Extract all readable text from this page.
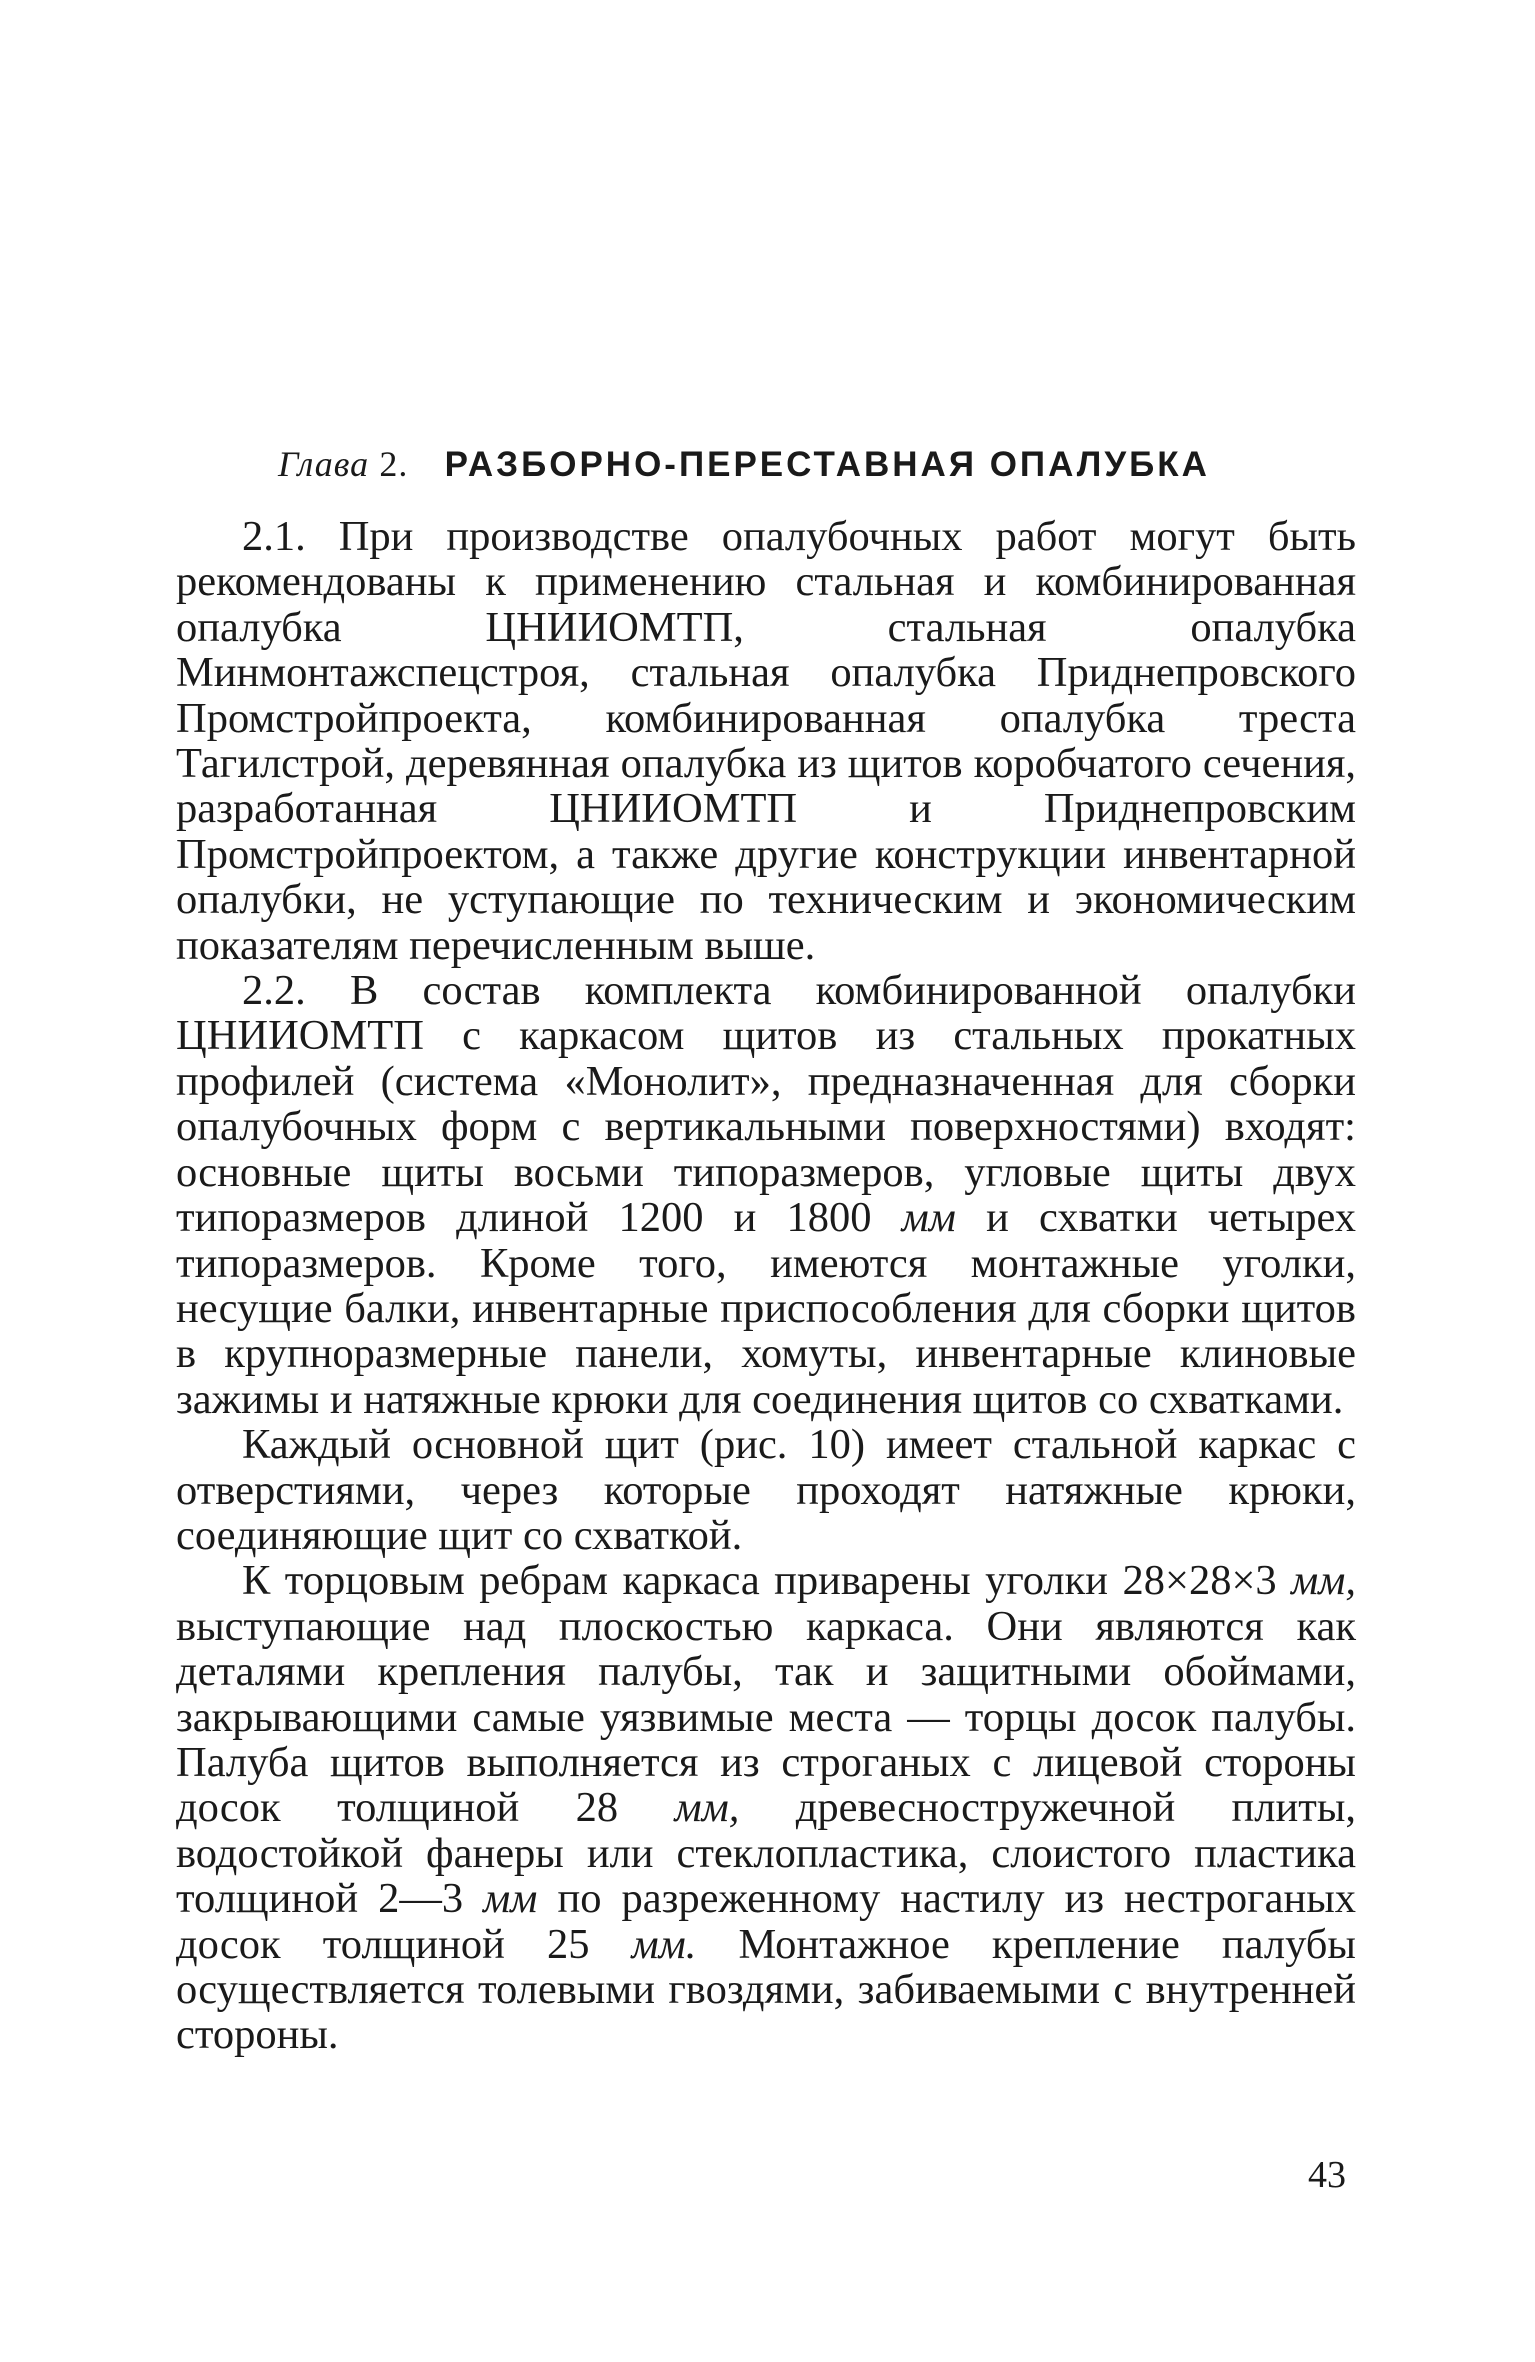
Глава 2. РАЗБОРНО-ПЕРЕСТАВНАЯ ОПАЛУБКА

2.1. При производстве опалубочных работ могут быть рекомендованы к применению стальная и комбинированная опалубка ЦНИИОМТП, стальная опалубка Минмонтажспецстроя, стальная опалубка Приднепровского Промстройпроекта, комбинированная опалубка треста Тагилстрой, деревянная опалубка из щитов коробчатого сечения, разработанная ЦНИИОМТП и Приднепровским Промстройпроектом, а также другие конструкции инвентарной опалубки, не уступающие по техническим и экономическим показателям перечисленным выше.

2.2. В состав комплекта комбинированной опалубки ЦНИИОМТП с каркасом щитов из стальных прокатных профилей (система «Монолит», предназначенная для сборки опалубочных форм с вертикальными поверхностями) входят: основные щиты восьми типоразмеров, угловые щиты двух типоразмеров длиной 1200 и 1800 мм и схватки четырех типоразмеров. Кроме того, имеются монтажные уголки, несущие балки, инвентарные приспособления для сборки щитов в крупноразмерные панели, хомуты, инвентарные клиновые зажимы и натяжные крюки для соединения щитов со схватками.

Каждый основной щит (рис. 10) имеет стальной каркас с отверстиями, через которые проходят натяжные крюки, соединяющие щит со схваткой.

К торцовым ребрам каркаса приварены уголки 28×28×3 мм, выступающие над плоскостью каркаса. Они являются как деталями крепления палубы, так и защитными обоймами, закрывающими самые уязвимые места — торцы досок палубы. Палуба щитов выполняется из строганых с лицевой стороны досок толщиной 28 мм, древесностружечной плиты, водостойкой фанеры или стеклопластика, слоистого пластика толщиной 2—3 мм по разреженному настилу из нестроганых досок толщиной 25 мм. Монтажное крепление палубы осуществляется толевыми гвоздями, забиваемыми с внутренней стороны.

43
